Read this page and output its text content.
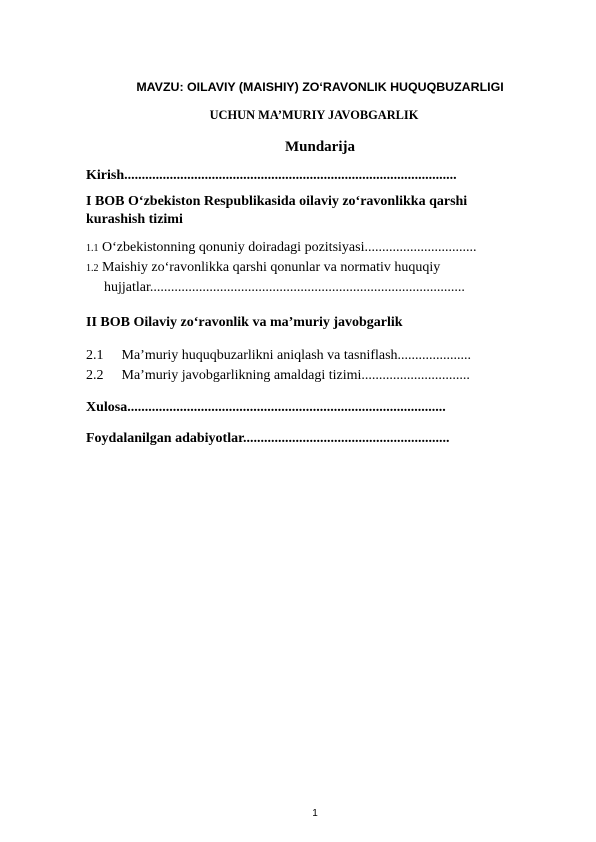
MAVZU: OILAVIY (MAISHIY) ZO‘RAVONLIK HUQUQBUZARLIGI
UCHUN MA’MURIY JAVOBGARLIK
Mundarija
Kirish...............................................................................................
I BOB O‘zbekiston Respublikasida oilaviy zo‘ravonlikka qarshi kurashish tizimi
1.1 O‘zbekistonning qonuniy doiradagi pozitsiyasi................................
1.2 Maishiy zo‘ravonlikka qarshi qonunlar va normativ huquqiy
hujjatlar..........................................................................................
II BOB Oilaviy zo‘ravonlik va ma’muriy javobgarlik
2.1 Ma’muriy huquqbuzarlikni aniqlash va tasniflash.....................
2.2 Ma’muriy javobgarlikning amaldagi tizimi...............................
Xulosa...........................................................................................
Foydalanilgan adabiyotlar...........................................................
1
